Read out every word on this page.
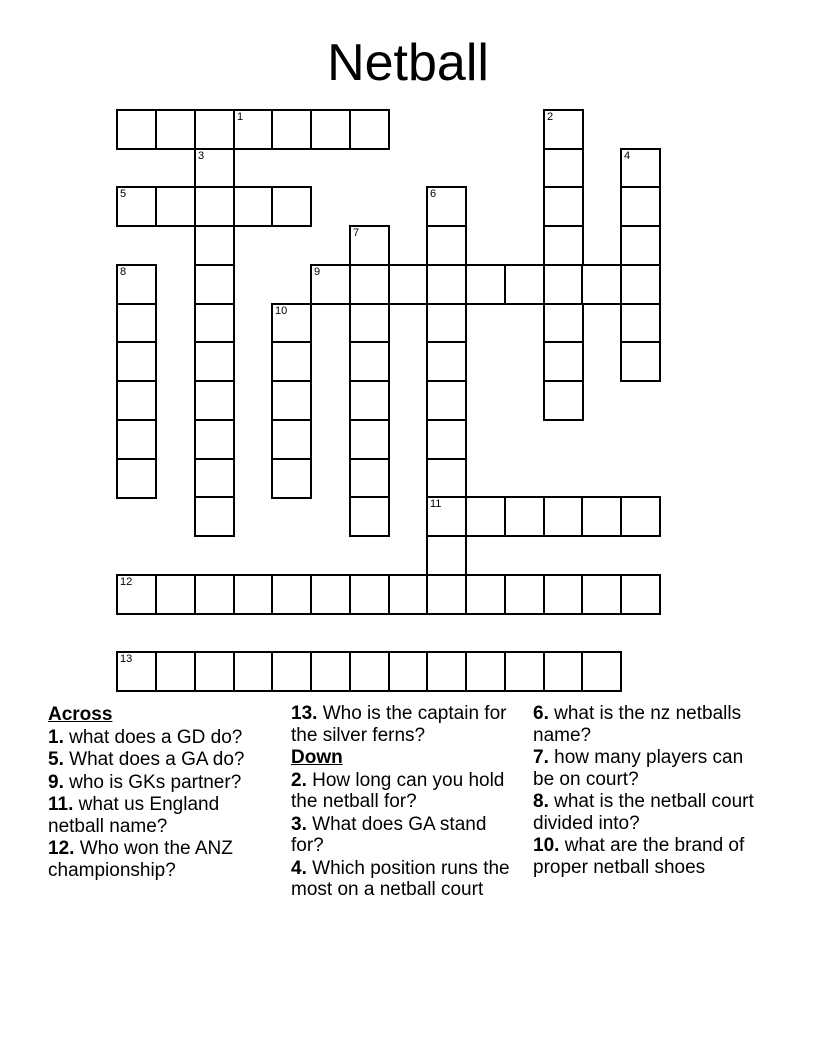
Netball
1	2
3	4
5	6
7
8	9
10
11
12
13
Across
1. what does a GD do?
5. What does a GA do?
9. who is GKs partner?
11. what us England netball name?
12. Who won the ANZ championship?
13. Who is the captain for the silver ferns?
Down
2. How long can you hold the netball for?
3. What does GA stand for?
4. Which position runs the most on a netball court
6. what is the nz netballs name?
7. how many players can be on court?
8. what is the netball court divided into?
10. what are the brand of proper netball shoes
